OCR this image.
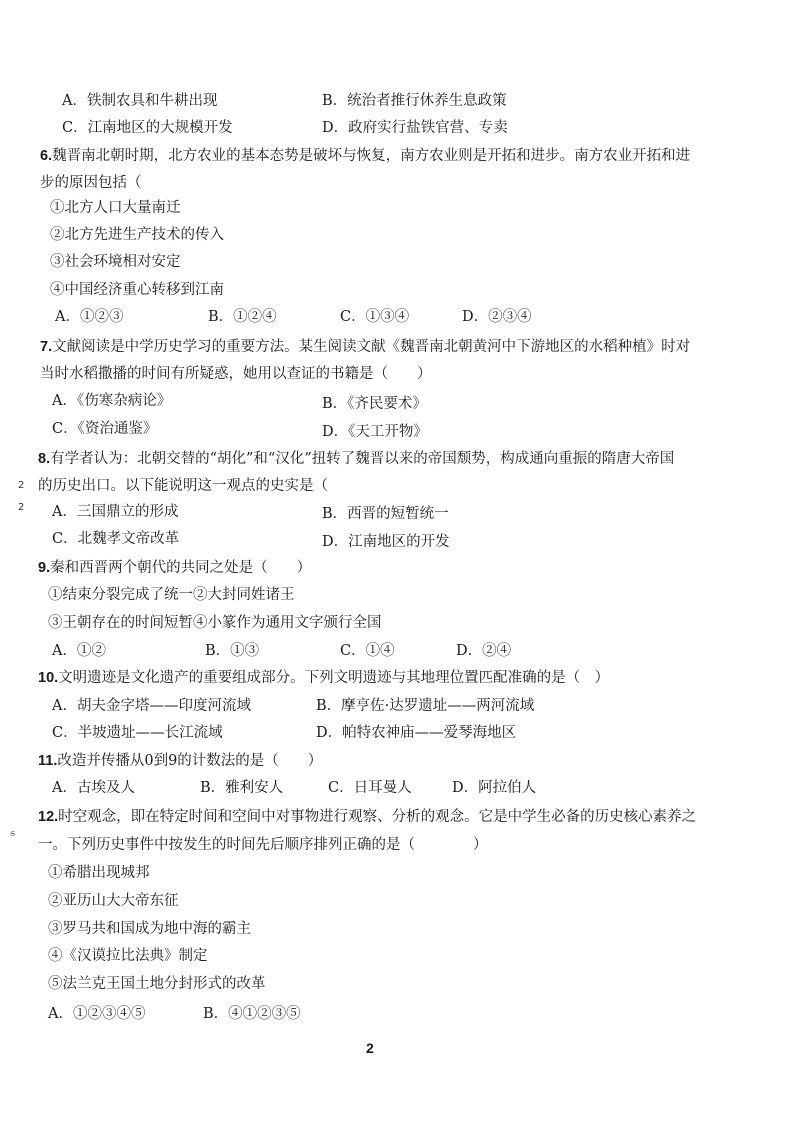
A．铁制农具和牛耕出现	B．统治者推行休养生息政策
C．江南地区的大规模开发	D．政府实行盐铁官营、专卖
6.魏晋南北朝时期，北方农业的基本态势是破坏与恢复，南方农业则是开拓和进步。南方农业开拓和进
步的原因包括（
①北方人口大量南迁
②北方先进生产技术的传入
③社会环境相对安定
④中国经济重心转移到江南
A．①②③	B．①②④	C．①③④	D．②③④
7.文献阅读是中学历史学习的重要方法。某生阅读文献《魏晋南北朝黄河中下游地区的水稻种植》时对
当时水稻撒播的时间有所疑惑，她用以查证的书籍是（　　）
A．《伤寒杂病论》	B．《齐民要术》
C．《资治通鉴》	D．《天工开物》
8.有学者认为：北朝交替的“胡化”和“汉化”扭转了魏晋以来的帝国颓势，构成通向重振的隋唐大帝国
的历史出口。以下能说明这一观点的史实是（
2
2 A．三国鼎立的形成	B．西晋的短暂统一
C．北魏孝文帝改革	D．江南地区的开发
9.秦和西晋两个朝代的共同之处是（　　）
①结束分裂完成了统一②大封同姓诸王
③王朝存在的时间短暂④小篆作为通用文字颁行全国
A．①②	B．①③	C．①④	D．②④
10.文明遗迹是文化遗产的重要组成部分。下列文明遗迹与其地理位置匹配准确的是（　）
A．胡夫金字塔——印度河流域	B．摩亨佐·达罗遗址——两河流域
C．半坡遗址——长江流域	D．帕特农神庙——爱琴海地区
11.改造并传播从0到9的计数法的是（　　）
A．古埃及人	B．雅利安人	C．日耳曼人	D．阿拉伯人
ಽ
12.时空观念，即在特定时间和空间中对事物进行观察、分析的观念。它是中学生必备的历史核心素养之
一。下列历史事件中按发生的时间先后顺序排列正确的是（　　　　）
①希腊出现城邦
②亚历山大大帝东征
③罗马共和国成为地中海的霸主
④《汉谟拉比法典》制定
⑤法兰克王国土地分封形式的改革
A．①②③④⑤	B．④①②③⑤
2
